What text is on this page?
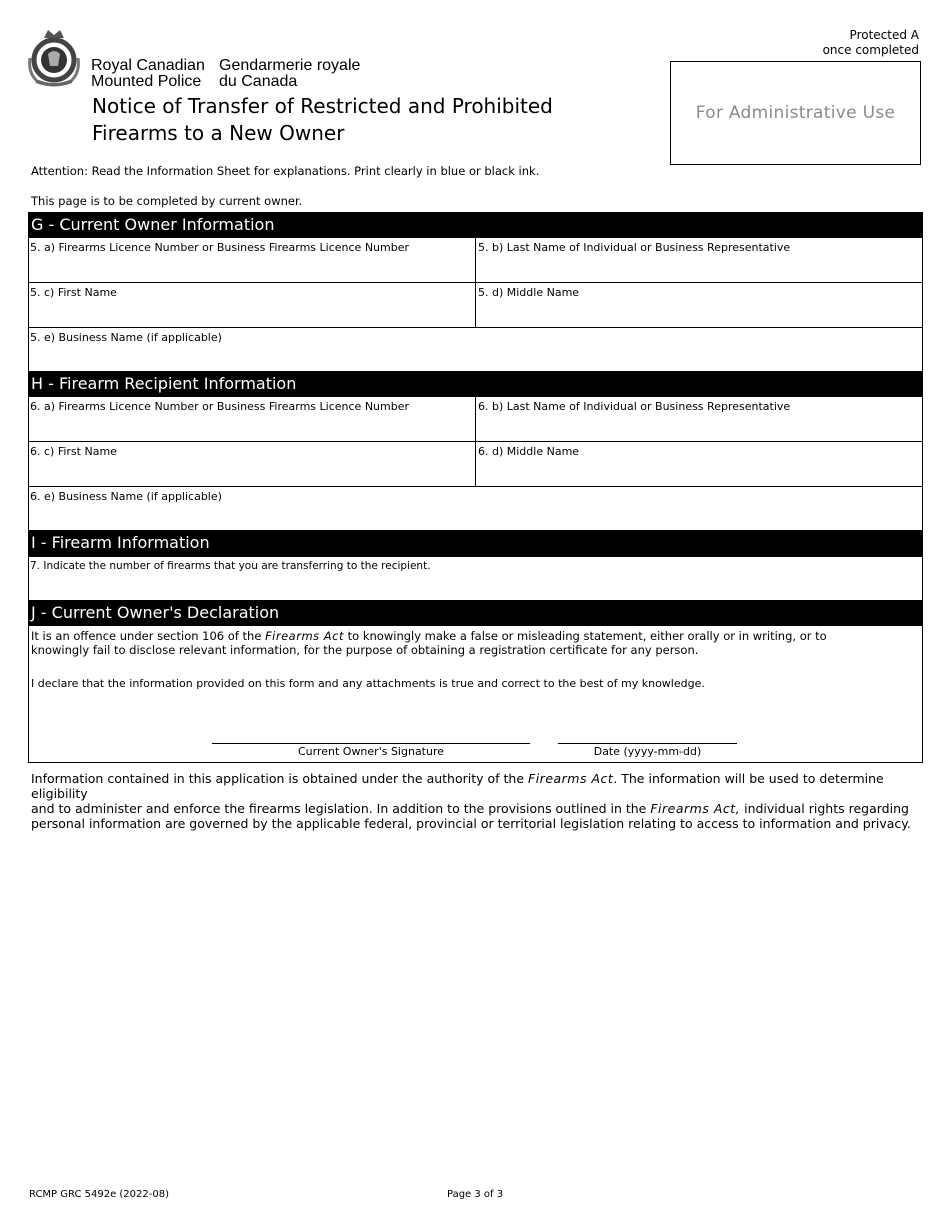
Royal Canadian
Mounted Police
Gendarmerie royale
du Canada
Notice of Transfer of Restricted and Prohibited
Firearms to a New Owner
Protected A
once completed
For Administrative Use
Attention: Read the Information Sheet for explanations. Print clearly in blue or black ink.
This page is to be completed by current owner.
G - Current Owner Information
5. a) Firearms Licence Number or Business Firearms Licence Number	5. b) Last Name of Individual or Business Representative
5. c) First Name	5. d) Middle Name
5. e) Business Name (if applicable)
H - Firearm Recipient Information
6. a) Firearms Licence Number or Business Firearms Licence Number	6. b) Last Name of Individual or Business Representative
6. c) First Name	6. d) Middle Name
6. e) Business Name (if applicable)
I - Firearm Information
7. Indicate the number of firearms that you are transferring to the recipient.
J - Current Owner's Declaration
It is an offence under section 106 of the Firearms Act to knowingly make a false or misleading statement, either orally or in writing, or to
knowingly fail to disclose relevant information, for the purpose of obtaining a registration certificate for any person.
I declare that the information provided on this form and any attachments is true and correct to the best of my knowledge.
Current Owner's Signature	Date (yyyy-mm-dd)
Information contained in this application is obtained under the authority of the Firearms Act. The information will be used to determine eligibility
and to administer and enforce the firearms legislation. In addition to the provisions outlined in the Firearms Act, individual rights regarding
personal information are governed by the applicable federal, provincial or territorial legislation relating to access to information and privacy.
RCMP GRC 5492e (2022-08)	Page 3 of 3
